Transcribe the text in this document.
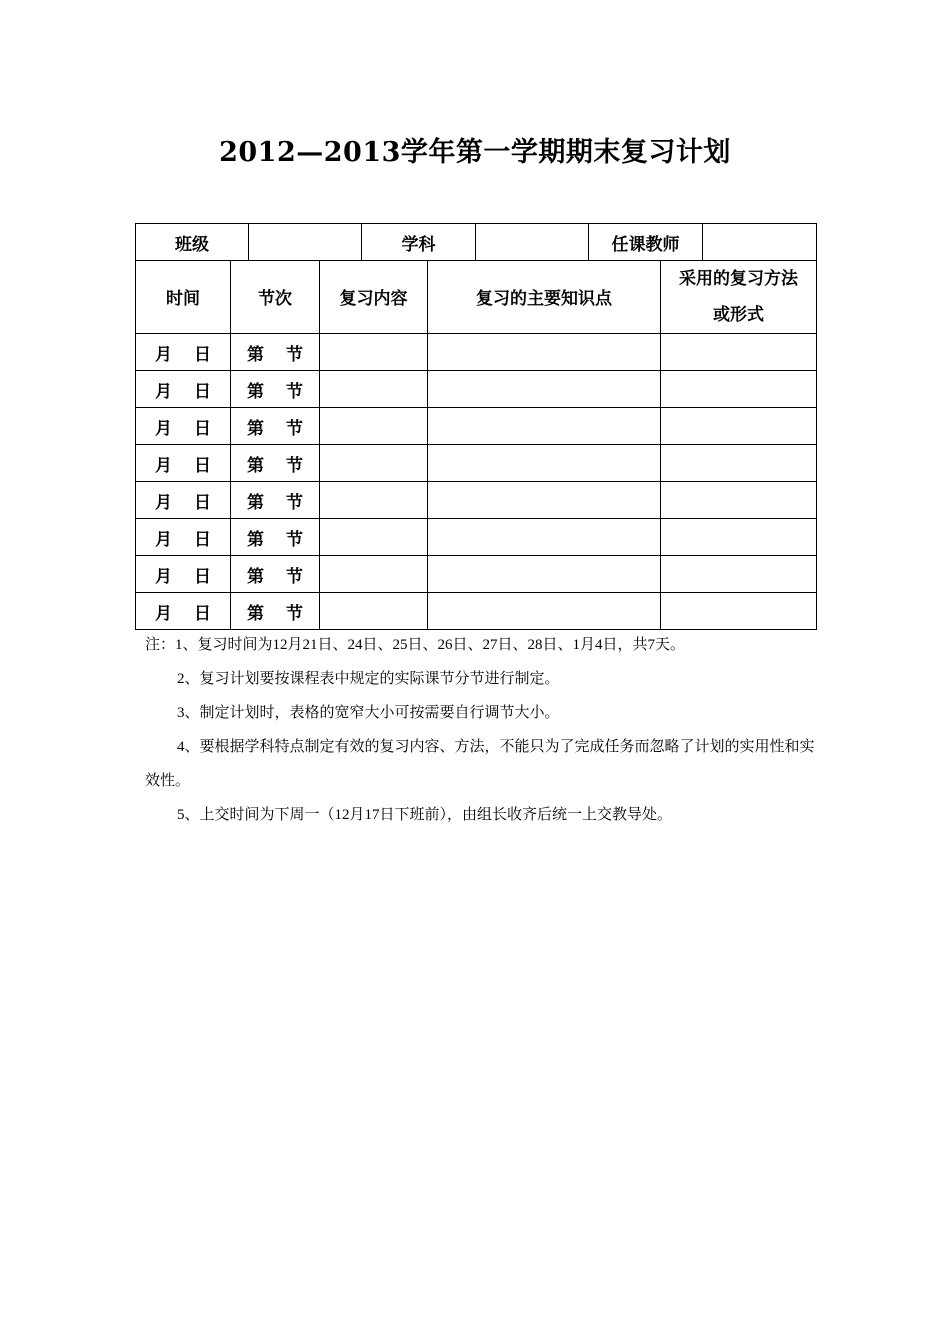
2012—2013学年第一学期期末复习计划
班级		学科		任课教师	
时间	节次	复习内容	复习的主要知识点	采用的复习方法
或形式

月 日	第 节			
月 日	第 节			
月 日	第 节			
月 日	第 节			
月 日	第 节			
月 日	第 节			
月 日	第 节			
月 日	第 节			

注：1、复习时间为12月21日、24日、25日、26日、27日、28日、1月4日，共7天。

2、复习计划要按课程表中规定的实际课节分节进行制定。

3、制定计划时，表格的宽窄大小可按需要自行调节大小。

4、要根据学科特点制定有效的复习内容、方法，不能只为了完成任务而忽略了计划的实用性和实效性。

5、上交时间为下周一（12月17日下班前），由组长收齐后统一上交教导处。
